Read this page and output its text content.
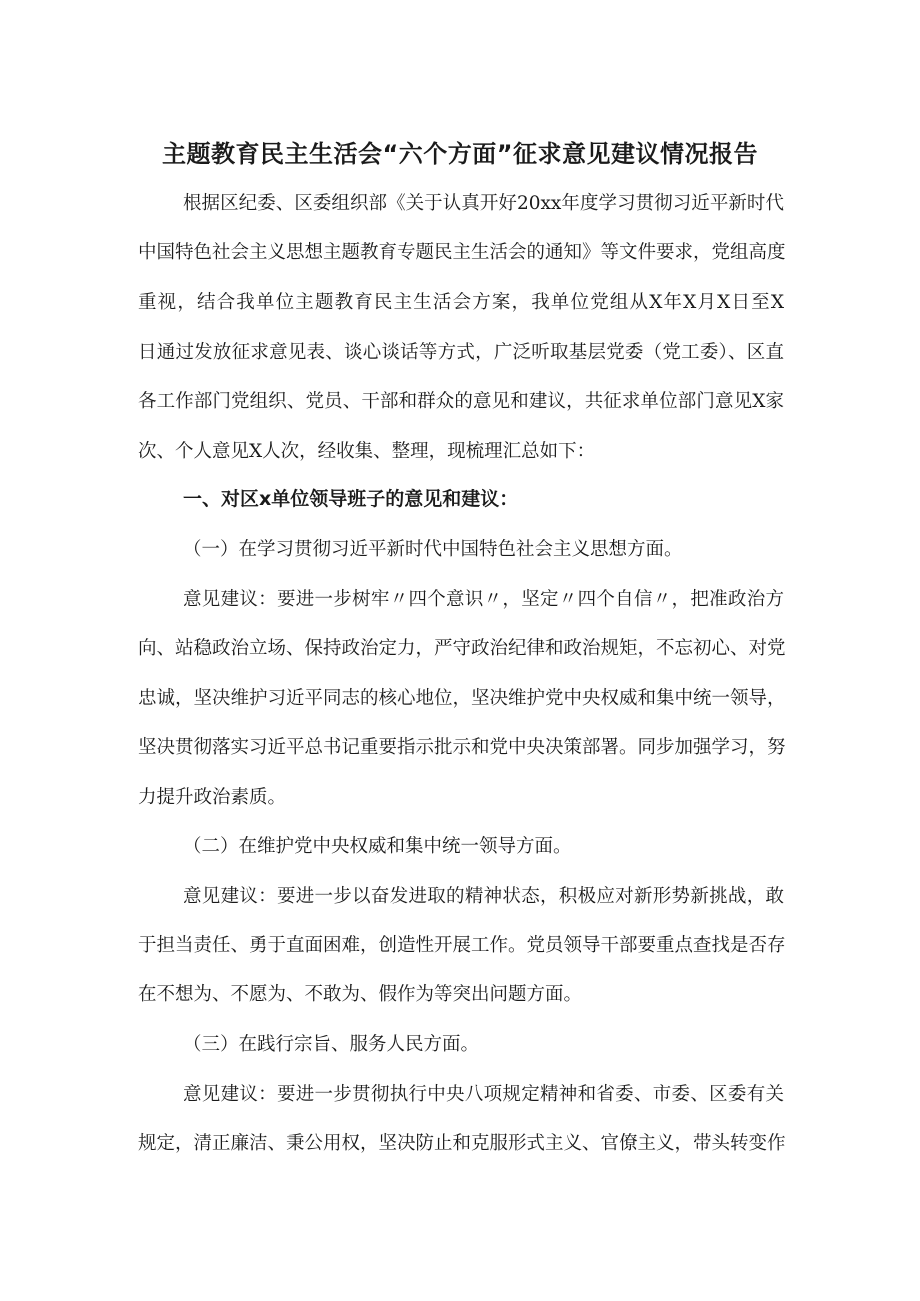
主题教育民主生活会“六个方面”征求意见建议情况报告

根据区纪委、区委组织部《关于认真开好20xx年度学习贯彻习近平新时代

中国特色社会主义思想主题教育专题民主生活会的通知》等文件要求，党组高度

重视，结合我单位主题教育民主生活会方案，我单位党组从X年X月X日至X

日通过发放征求意见表、谈心谈话等方式，广泛听取基层党委（党工委）、区直

各工作部门党组织、党员、干部和群众的意见和建议，共征求单位部门意见X家

次、个人意见X人次，经收集、整理，现梳理汇总如下：

一、对区x单位领导班子的意见和建议：

（一）在学习贯彻习近平新时代中国特色社会主义思想方面。

意见建议：要进一步树牢〃四个意识〃，坚定〃四个自信〃，把准政治方

向、站稳政治立场、保持政治定力，严守政治纪律和政治规矩，不忘初心、对党

忠诚，坚决维护习近平同志的核心地位，坚决维护党中央权威和集中统一领导，

坚决贯彻落实习近平总书记重要指示批示和党中央决策部署。同步加强学习，努

力提升政治素质。

（二）在维护党中央权威和集中统一领导方面。

意见建议：要进一步以奋发进取的精神状态，积极应对新形势新挑战，敢

于担当责任、勇于直面困难，创造性开展工作。党员领导干部要重点查找是否存

在不想为、不愿为、不敢为、假作为等突出问题方面。

（三）在践行宗旨、服务人民方面。

意见建议：要进一步贯彻执行中央八项规定精神和省委、市委、区委有关

规定，清正廉洁、秉公用权，坚决防止和克服形式主义、官僚主义，带头转变作
